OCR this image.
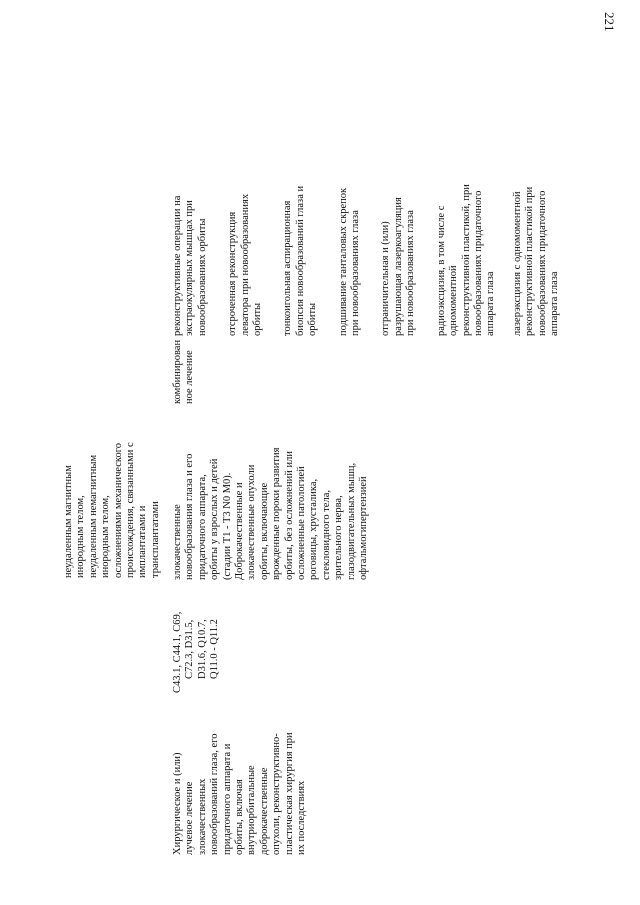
221
неудаленным магнитным инородным телом, неудаленным немагнитным инородным телом, осложнениями механического происхождения, связанными с имплантатами и трансплантатами
Хирургическое и (или) лучевое лечение злокачественных новообразований глаза, его придаточного аппарата и орбиты, включая внутриорбитальные доброкачественные опухоли, реконструктивно- пластическая хирургия при их последствиях
C43.1, C44.1, C69, C72.3, D31.5, D31.6, Q10.7, Q11.0 - Q11.2
злокачественные новообразования глаза и его придаточного аппарата, орбиты у взрослых и детей (стадии T1 - T3 N0 M0). Доброкачественные и злокачественные опухоли орбиты, включающие врожденные пороки развития орбиты, без осложнений или осложненные патологией роговицы, хрусталика, стекловидного тела, зрительного нерва, глазодвигательных мышц, офтальмогипертензией
комбинирован ное лечение
реконструктивные операции на экстраокулярных мышцах при новообразованиях орбиты отсроченная реконструкция леватора при новообразованиях орбиты тонкоигольная аспирационная биопсия новообразований глаза и орбиты подшивание танталовых скрепок при новообразованиях глаза отграничительная и (или) разрушающая лазеркоагуляция при новообразованиях глаза радиоэксцизия, в том числе с одномоментной реконструктивной пластикой, при новообразованиях придаточного аппарата глаза лазерэксцизия с одномоментной реконструктивной пластикой при новообразованиях придаточного аппарата глаза
